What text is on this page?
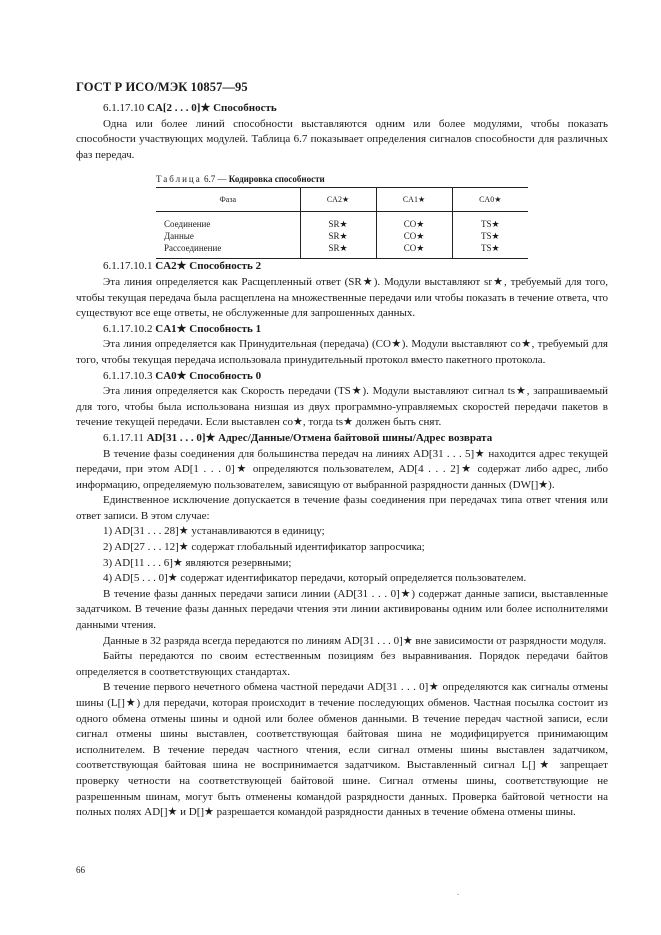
ГОСТ Р ИСО/МЭК 10857—95

6.1.17.10 CA[2 . . . 0]★ Способность

Одна или более линий способности выставляются одним или более модулями, чтобы показать способности участвующих модулей. Таблица 6.7 показывает определения сигналов способности для различных фаз передач.

Таблица 6.7 — Кодировка способности
Фаза	CA2★	CA1★	CA0★
Соединение	SR★	CO★	TS★
Данные	SR★	CO★	TS★
Рассоединение	SR★	CO★	TS★

6.1.17.10.1 CA2★ Способность 2

Эта линия определяется как Расщепленный ответ (SR★). Модули выставляют sr★, требуемый для того, чтобы текущая передача была расщеплена на множественные передачи или чтобы показать в течение ответа, что существуют все еще ответы, не обслуженные для запрошенных данных.

6.1.17.10.2 CA1★ Способность 1

Эта линия определяется как Принудительная (передача) (CO★). Модули выставляют co★, требуемый для того, чтобы текущая передача использовала принудительный протокол вместо пакетного протокола.

6.1.17.10.3 CA0★ Способность 0

Эта линия определяется как Скорость передачи (TS★). Модули выставляют сигнал ts★, запрашиваемый для того, чтобы была использована низшая из двух программно-управляемых скоростей передачи пакетов в течение текущей передачи. Если выставлен co★, тогда ts★ должен быть снят.

6.1.17.11 AD[31 . . . 0]★ Адрес/Данные/Отмена байтовой шины/Адрес возврата

В течение фазы соединения для большинства передач на линиях AD[31 . . . 5]★ находится адрес текущей передачи, при этом AD[1 . . . 0]★ определяются пользователем, AD[4 . . . 2]★ содержат либо адрес, либо информацию, определяемую пользователем, зависящую от выбранной разрядности данных (DW[]★).

Единственное исключение допускается в течение фазы соединения при передачах типа ответ чтения или ответ записи. В этом случае:

1) AD[31 . . . 28]★ устанавливаются в единицу;

2) AD[27 . . . 12]★ содержат глобальный идентификатор запросчика;

3) AD[11 . . . 6]★ являются резервными;

4) AD[5 . . . 0]★ содержат идентификатор передачи, который определяется пользователем.

В течение фазы данных передачи записи линии (AD[31 . . . 0]★) содержат данные записи, выставленные задатчиком. В течение фазы данных передачи чтения эти линии активированы одним или более исполнителями данными чтения.

Данные в 32 разряда всегда передаются по линиям AD[31 . . . 0]★ вне зависимости от разрядности модуля.

Байты передаются по своим естественным позициям без выравнивания. Порядок передачи байтов определяется в соответствующих стандартах.

В течение первого нечетного обмена частной передачи AD[31 . . . 0]★ определяются как сигналы отмены шины (L[]★) для передачи, которая происходит в течение последующих обменов. Частная посылка состоит из одного обмена отмены шины и одной или более обменов данными. В течение передач частной записи, если сигнал отмены шины выставлен, соответствующая байтовая шина не модифицируется принимающим исполнителем. В течение передач частного чтения, если сигнал отмены шины выставлен задатчиком, соответствующая байтовая шина не воспринимается задатчиком. Выставленный сигнал L[]★ запрещает проверку четности на соответствующей байтовой шине. Сигнал отмены шины, соответствующие не разрешенным шинам, могут быть отменены командой разрядности данных. Проверка байтовой четности на полных полях AD[]★ и D[]★ разрешается командой разрядности данных в течение обмена отмены шины.

66
.
